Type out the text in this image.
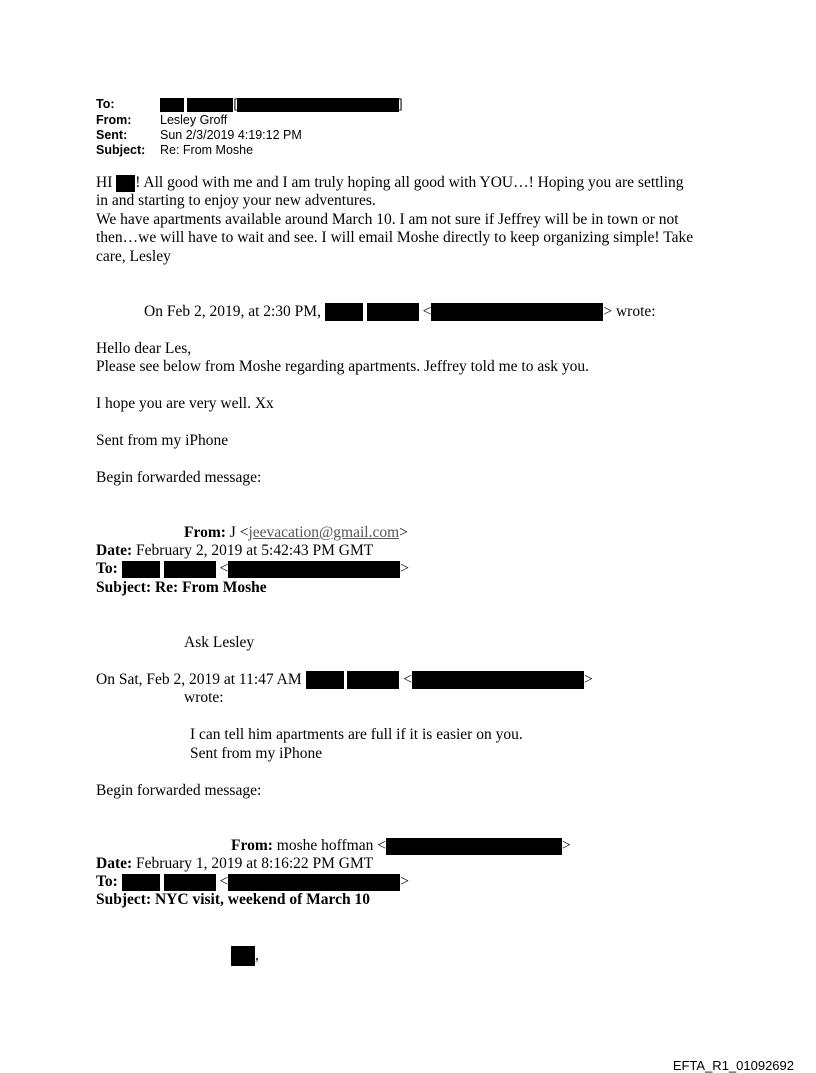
To:	[	]
From: Lesley Groff
Sent:	Sun 2/3/2019 4:19:12 PM
Subject: Re: From Moshe
HI ! All good with me and I am truly hoping all good with YOU…! Hoping you are settling
in and starting to enjoy your new adventures.
We have apartments available around March 10. I am not sure if Jeffrey will be in town or not
then…we will have to wait and see. I will email Moshe directly to keep organizing simple! Take
care, Lesley
On Feb 2, 2019, at 2:30 PM,	<	> wrote:
Hello dear Les,
Please see below from Moshe regarding apartments. Jeffrey told me to ask you.
I hope you are very well. Xx
Sent from my iPhone
Begin forwarded message:
From: J <jeevacation@gmail.com>
Date: February 2, 2019 at 5:42:43 PM GMT
To:	<	>
Subject: Re: From Moshe
Ask Lesley
On Sat, Feb 2, 2019 at 11:47 AM	<	>
wrote:
I can tell him apartments are full if it is easier on you.
Sent from my iPhone
Begin forwarded message:
From: moshe hoffman <	>
Date: February 1, 2019 at 8:16:22 PM GMT
To:	<	>
Subject: NYC visit, weekend of March 10
,
EFTA_R1_01092692
